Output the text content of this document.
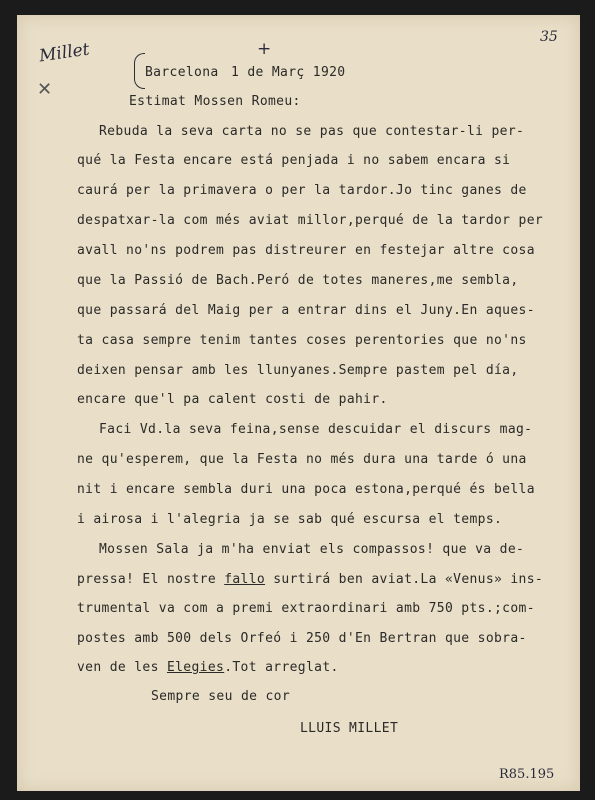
Millet
✕
35
+
R85.195
Barcelona 1 de Març 1920
Estimat Mossen Romeu:
Rebuda la seva carta no se pas que contestar-li per-
qué la Festa encare está penjada i no sabem encara si
caurá per la primavera o per la tardor.Jo tinc ganes de
despatxar-la com més aviat millor,perqué de la tardor per
avall no'ns podrem pas distreurer en festejar altre cosa
que la Passió de Bach.Peró de totes maneres,me sembla,
que passará del Maig per a entrar dins el Juny.En aques-
ta casa sempre tenim tantes coses perentories que no'ns
deixen pensar amb les llunyanes.Sempre pastem pel día,
encare que'l pa calent costi de pahir.
Faci Vd.la seva feina,sense descuidar el discurs mag-
ne qu'esperem, que la Festa no més dura una tarde ó una
nit i encare sembla duri una poca estona,perqué és bella
i airosa i l'alegria ja se sab qué escursa el temps.
Mossen Sala ja m'ha enviat els compassos! que va de-
pressa! El nostre fallo surtirá ben aviat.La «Venus» ins-
trumental va com a premi extraordinari amb 750 pts.;com-
postes amb 500 dels Orfeó i 250 d'En Bertran que sobra-
ven de les Elegies.Tot arreglat.
Sempre seu de cor
LLUIS MILLET
